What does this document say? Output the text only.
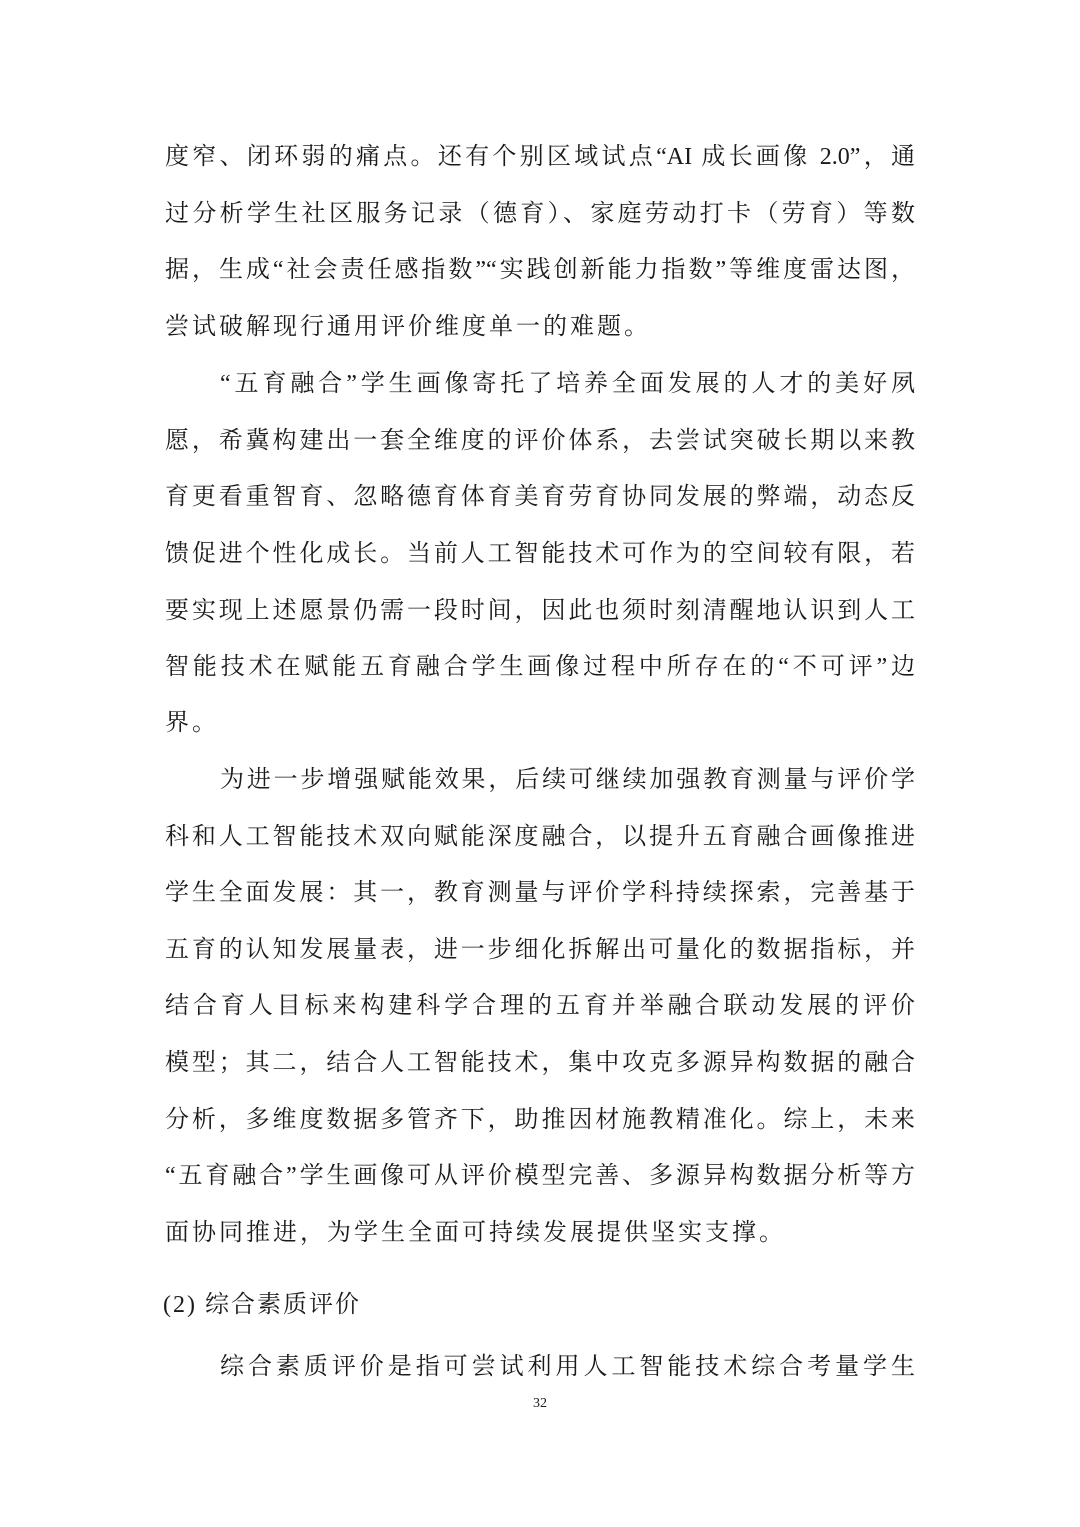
度窄、闭环弱的痛点。还有个别区域试点“AI 成长画像 2.0”，通
过分析学生社区服务记录（德育）、家庭劳动打卡（劳育）等数
据，生成“社会责任感指数”“实践创新能力指数”等维度雷达图，
尝试破解现行通用评价维度单一的难题。
“五育融合”学生画像寄托了培养全面发展的人才的美好夙
愿，希冀构建出一套全维度的评价体系，去尝试突破长期以来教
育更看重智育、忽略德育体育美育劳育协同发展的弊端，动态反
馈促进个性化成长。当前人工智能技术可作为的空间较有限，若
要实现上述愿景仍需一段时间，因此也须时刻清醒地认识到人工
智能技术在赋能五育融合学生画像过程中所存在的“不可评”边
界。
为进一步增强赋能效果，后续可继续加强教育测量与评价学
科和人工智能技术双向赋能深度融合，以提升五育融合画像推进
学生全面发展：其一，教育测量与评价学科持续探索，完善基于
五育的认知发展量表，进一步细化拆解出可量化的数据指标，并
结合育人目标来构建科学合理的五育并举融合联动发展的评价
模型；其二，结合人工智能技术，集中攻克多源异构数据的融合
分析，多维度数据多管齐下，助推因材施教精准化。综上，未来
“五育融合”学生画像可从评价模型完善、多源异构数据分析等方
面协同推进，为学生全面可持续发展提供坚实支撑。
(2) 综合素质评价
综合素质评价是指可尝试利用人工智能技术综合考量学生
32
